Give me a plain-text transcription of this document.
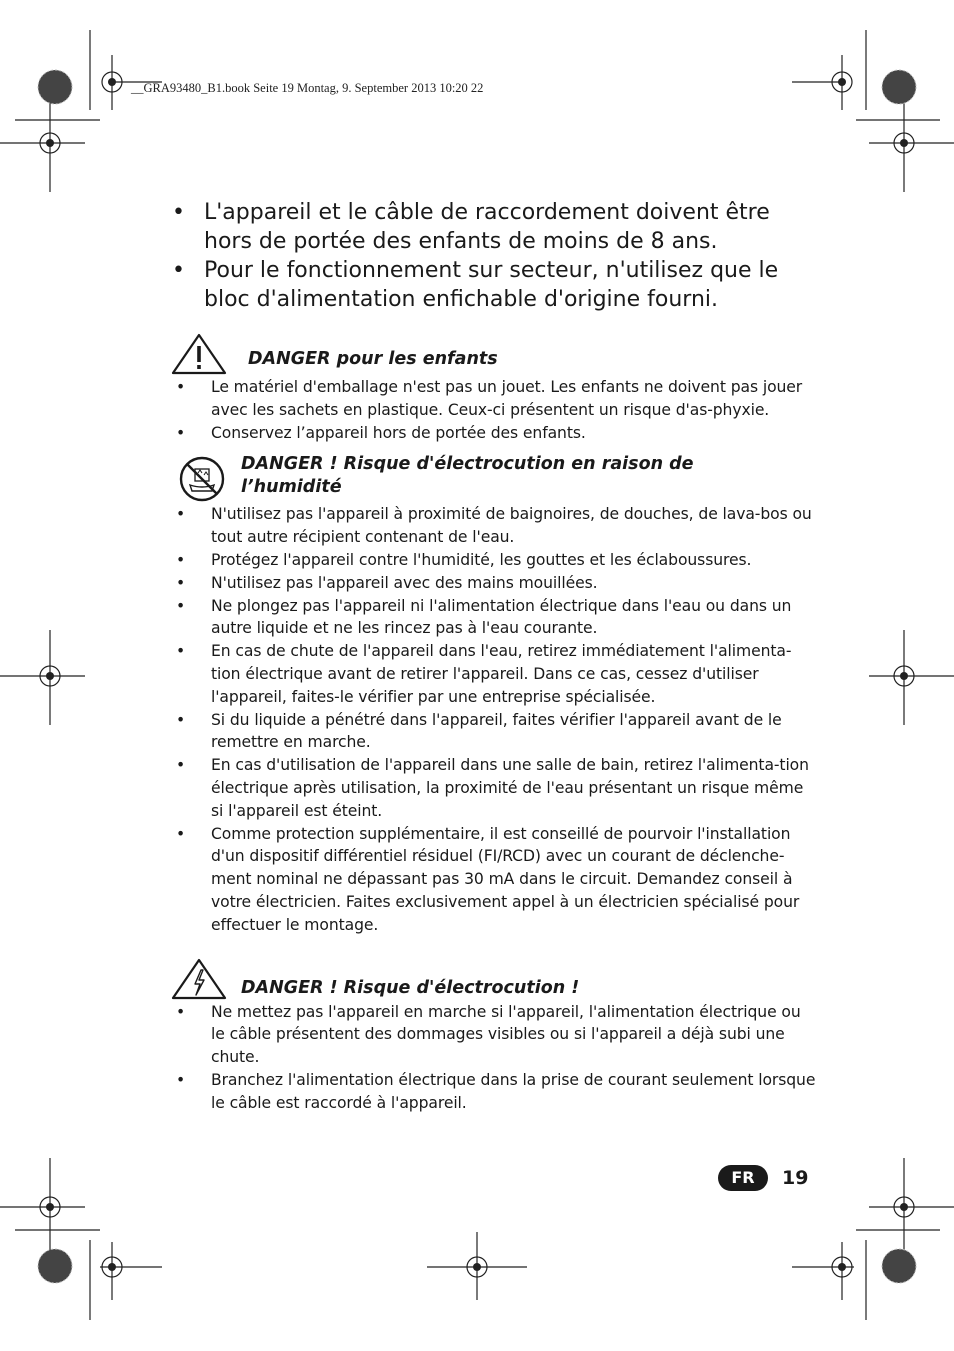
__GRA93480_B1.book Seite 19 Montag, 9. September 2013 10:20 22
• L'appareil et le câble de raccordement doivent être hors de portée des enfants de moins de 8 ans.
• Pour le fonctionnement sur secteur, n'utilisez que le bloc d'alimentation enfichable d'origine fourni.
DANGER pour les enfants
• Le matériel d'emballage n'est pas un jouet. Les enfants ne doivent pas jouer avec les sachets en plastique. Ceux-ci présentent un risque d'as-phyxie.
• Conservez l’appareil hors de portée des enfants.
DANGER ! Risque d'électrocution en raison de l’humidité
• N'utilisez pas l'appareil à proximité de baignoires, de douches, de lava-bos ou tout autre récipient contenant de l'eau.
• Protégez l'appareil contre l'humidité, les gouttes et les éclaboussures.
• N'utilisez pas l'appareil avec des mains mouillées.
• Ne plongez pas l'appareil ni l'alimentation électrique dans l'eau ou dans un autre liquide et ne les rincez pas à l'eau courante.
• En cas de chute de l'appareil dans l'eau, retirez immédiatement l'alimenta-tion électrique avant de retirer l'appareil. Dans ce cas, cessez d'utiliser l'appareil, faites-le vérifier par une entreprise spécialisée.
• Si du liquide a pénétré dans l'appareil, faites vérifier l'appareil avant de le remettre en marche.
• En cas d'utilisation de l'appareil dans une salle de bain, retirez l'alimenta-tion électrique après utilisation, la proximité de l'eau présentant un risque même si l'appareil est éteint.
• Comme protection supplémentaire, il est conseillé de pourvoir l'installation d'un dispositif différentiel résiduel (FI/RCD) avec un courant de déclenche-ment nominal ne dépassant pas 30 mA dans le circuit. Demandez conseil à votre électricien. Faites exclusivement appel à un électricien spécialisé pour effectuer le montage.
DANGER ! Risque d'électrocution !
• Ne mettez pas l'appareil en marche si l'appareil, l'alimentation électrique ou le câble présentent des dommages visibles ou si l'appareil a déjà subi une chute.
• Branchez l'alimentation électrique dans la prise de courant seulement lorsque le câble est raccordé à l'appareil.
FR	19
